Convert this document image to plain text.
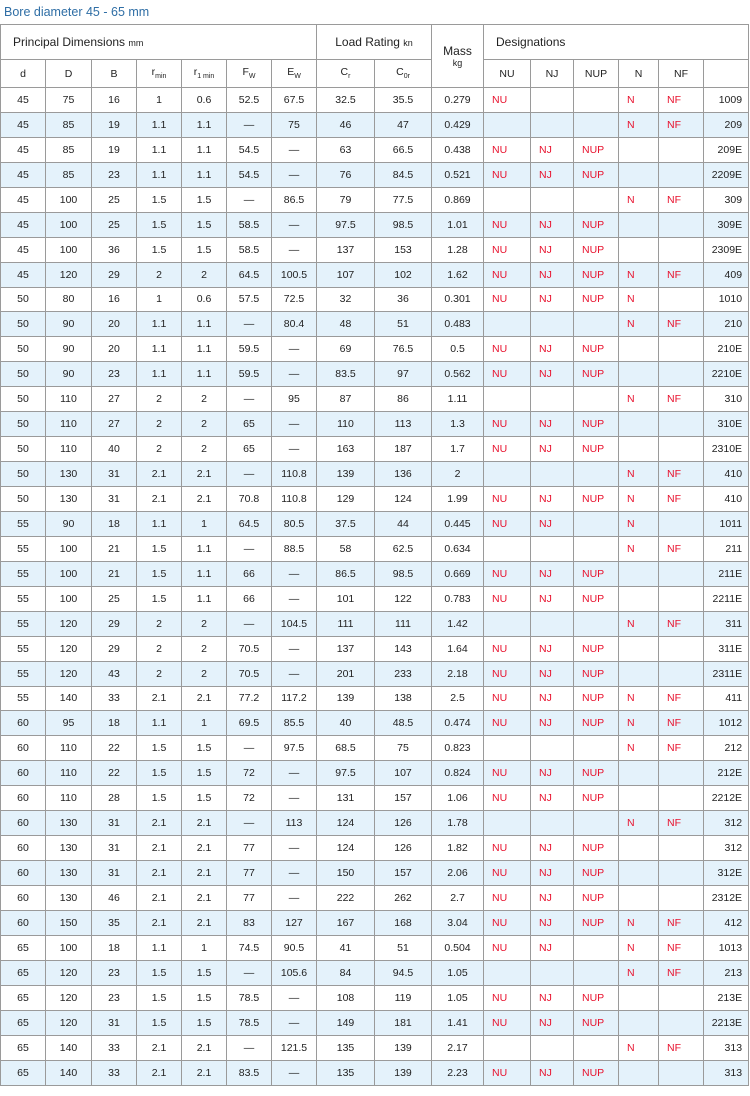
Bore diameter 45 - 65 mm
Principal Dimensions mm							Load Rating kn		Mass
kg	Designations					
d	D	B	$r_{min}$	$r_{1 min}$	$F_W$	$E_W$	$C_r$	$C_{0r}$		NU	NJ	NUP	N	NF	
45	75	16	1	0.6	52.5	67.5	32.5	35.5	0.279	NU			N	NF	1009
45	85	19	1.1	1.1	—	75	46	47	0.429				N	NF	209
45	85	19	1.1	1.1	54.5	—	63	66.5	0.438	NU	NJ	NUP			209E
45	85	23	1.1	1.1	54.5	—	76	84.5	0.521	NU	NJ	NUP			2209E
45	100	25	1.5	1.5	—	86.5	79	77.5	0.869				N	NF	309
45	100	25	1.5	1.5	58.5	—	97.5	98.5	1.01	NU	NJ	NUP			309E
45	100	36	1.5	1.5	58.5	—	137	153	1.28	NU	NJ	NUP			2309E
45	120	29	2	2	64.5	100.5	107	102	1.62	NU	NJ	NUP	N	NF	409
50	80	16	1	0.6	57.5	72.5	32	36	0.301	NU	NJ	NUP	N		1010
50	90	20	1.1	1.1	—	80.4	48	51	0.483				N	NF	210
50	90	20	1.1	1.1	59.5	—	69	76.5	0.5	NU	NJ	NUP			210E
50	90	23	1.1	1.1	59.5	—	83.5	97	0.562	NU	NJ	NUP			2210E
50	110	27	2	2	—	95	87	86	1.11				N	NF	310
50	110	27	2	2	65	—	110	113	1.3	NU	NJ	NUP			310E
50	110	40	2	2	65	—	163	187	1.7	NU	NJ	NUP			2310E
50	130	31	2.1	2.1	—	110.8	139	136	2				N	NF	410
50	130	31	2.1	2.1	70.8	110.8	129	124	1.99	NU	NJ	NUP	N	NF	410
55	90	18	1.1	1	64.5	80.5	37.5	44	0.445	NU	NJ		N		1011
55	100	21	1.5	1.1	—	88.5	58	62.5	0.634				N	NF	211
55	100	21	1.5	1.1	66	—	86.5	98.5	0.669	NU	NJ	NUP			211E
55	100	25	1.5	1.1	66	—	101	122	0.783	NU	NJ	NUP			2211E
55	120	29	2	2	—	104.5	111	111	1.42				N	NF	311
55	120	29	2	2	70.5	—	137	143	1.64	NU	NJ	NUP			311E
55	120	43	2	2	70.5	—	201	233	2.18	NU	NJ	NUP			2311E
55	140	33	2.1	2.1	77.2	117.2	139	138	2.5	NU	NJ	NUP	N	NF	411
60	95	18	1.1	1	69.5	85.5	40	48.5	0.474	NU	NJ	NUP	N	NF	1012
60	110	22	1.5	1.5	—	97.5	68.5	75	0.823				N	NF	212
60	110	22	1.5	1.5	72	—	97.5	107	0.824	NU	NJ	NUP			212E
60	110	28	1.5	1.5	72	—	131	157	1.06	NU	NJ	NUP			2212E
60	130	31	2.1	2.1	—	113	124	126	1.78				N	NF	312
60	130	31	2.1	2.1	77	—	124	126	1.82	NU	NJ	NUP			312
60	130	31	2.1	2.1	77	—	150	157	2.06	NU	NJ	NUP			312E
60	130	46	2.1	2.1	77	—	222	262	2.7	NU	NJ	NUP			2312E
60	150	35	2.1	2.1	83	127	167	168	3.04	NU	NJ	NUP	N	NF	412
65	100	18	1.1	1	74.5	90.5	41	51	0.504	NU	NJ		N	NF	1013
65	120	23	1.5	1.5	—	105.6	84	94.5	1.05				N	NF	213
65	120	23	1.5	1.5	78.5	—	108	119	1.05	NU	NJ	NUP			213E
65	120	31	1.5	1.5	78.5	—	149	181	1.41	NU	NJ	NUP			2213E
65	140	33	2.1	2.1	—	121.5	135	139	2.17				N	NF	313
65	140	33	2.1	2.1	83.5	—	135	139	2.23	NU	NJ	NUP			313
